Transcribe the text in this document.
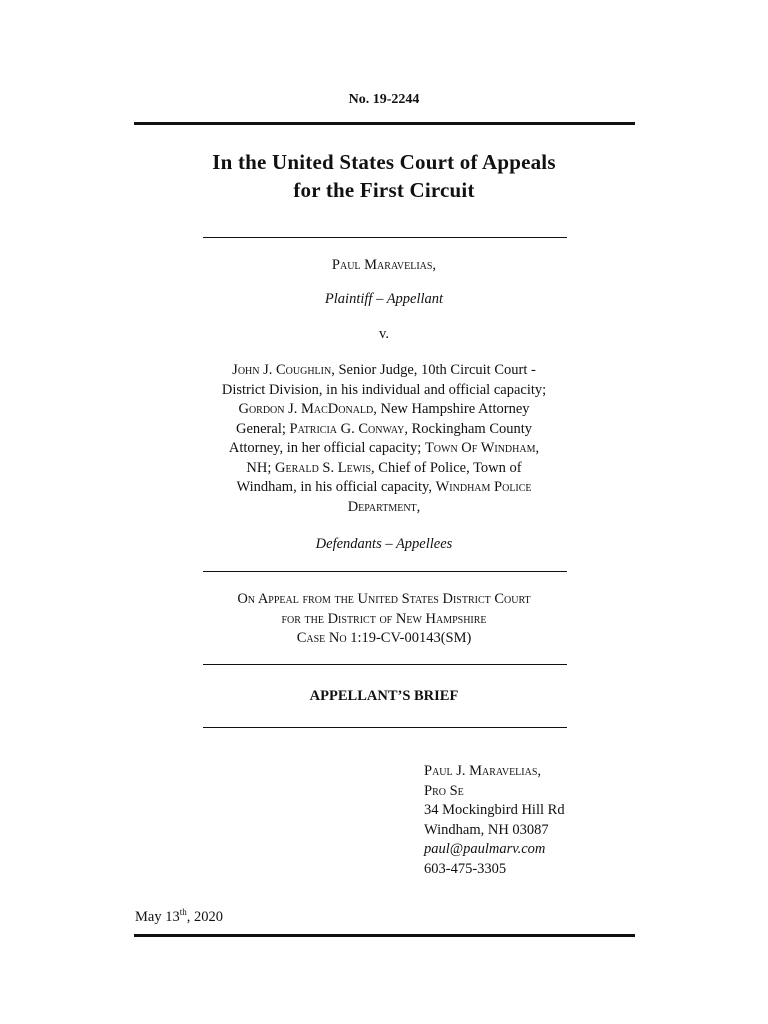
No. 19-2244
In the United States Court of Appeals
for the First Circuit
Paul Maravelias,
Plaintiff – Appellant
v.
John J. Coughlin, Senior Judge, 10th Circuit Court -
District Division, in his individual and official capacity;
Gordon J. MacDonald, New Hampshire Attorney
General; Patricia G. Conway, Rockingham County
Attorney, in her official capacity; Town Of Windham,
NH; Gerald S. Lewis, Chief of Police, Town of
Windham, in his official capacity, Windham Police
Department,
Defendants – Appellees
On Appeal from the United States District Court
for the District of New Hampshire
Case No 1:19-CV-00143(SM)
APPELLANT’S BRIEF
Paul J. Maravelias,
Pro Se
34 Mockingbird Hill Rd
Windham, NH 03087
paul@paulmarv.com
603-475-3305
May 13th, 2020
